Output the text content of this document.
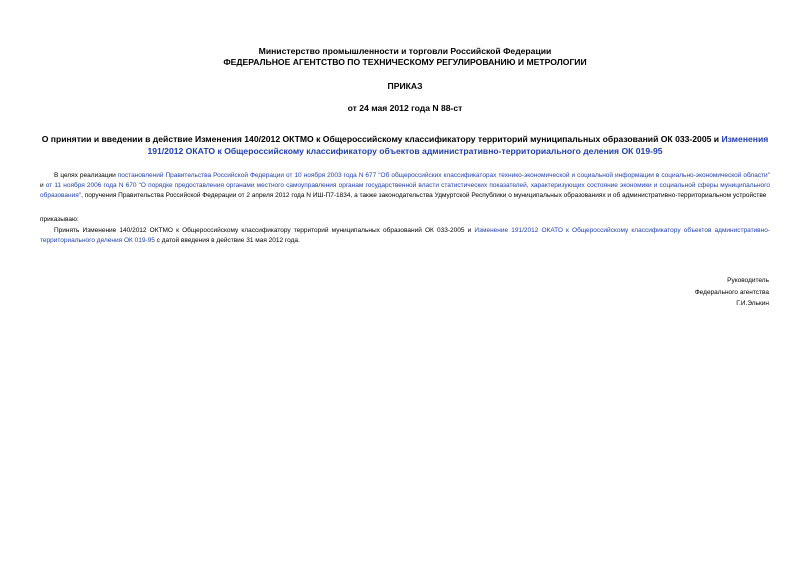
Министерство промышленности и торговли Российской Федерации
ФЕДЕРАЛЬНОЕ АГЕНТСТВО ПО ТЕХНИЧЕСКОМУ РЕГУЛИРОВАНИЮ И МЕТРОЛОГИИ
ПРИКАЗ
от 24 мая 2012 года N 88-ст
О принятии и введении в действие Изменения 140/2012 ОКТМО к Общероссийскому классификатору территорий муниципальных образований ОК 033-2005 и Изменения 191/2012 ОКАТО к Общероссийскому классификатору объектов административно-территориального деления ОК 019-95
В целях реализации постановлений Правительства Российской Федерации от 10 ноября 2003 года N 677 "Об общероссийских классификаторах технико-экономической и социальной информации в социально-экономической области" и от 11 ноября 2006 года N 670 "О порядке предоставления органами местного самоуправления органам государственной власти статистических показателей, характеризующих состояние экономики и социальной сферы муниципального образования", поручения Правительства Российской Федерации от 2 апреля 2012 года N ИШ-П7-1834, а также законодательства Удмуртской Республики о муниципальных образованиях и об административно-территориальном устройстве
приказываю:
Принять Изменение 140/2012 ОКТМО к Общероссийскому классификатору территорий муниципальных образований ОК 033-2005 и Изменение 191/2012 ОКАТО к Общероссийскому классификатору объектов административно-территориального деления ОК 019-95 с датой введения в действие 31 мая 2012 года.
Руководитель
Федерального агентства
Г.И.Элькин
